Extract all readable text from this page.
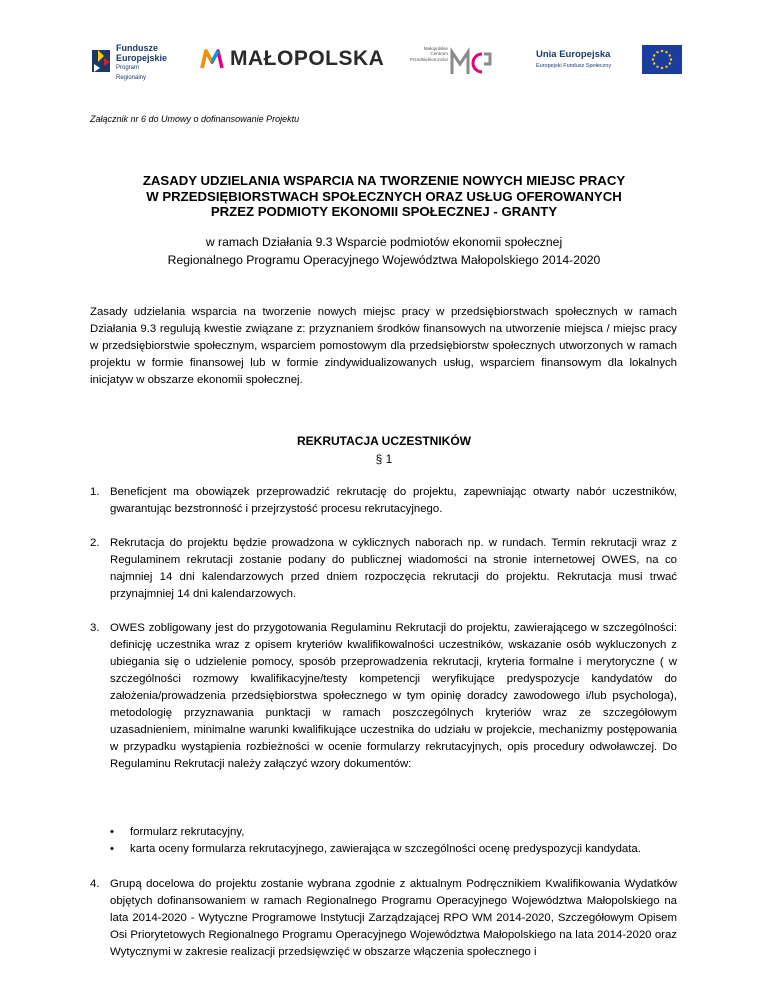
Fundusze
Europejskie
Program Regionalny
MAŁOPOLSKA	Małopolskie
Centrum
Przedsiębiorczości	Unia Europejska
Europejski Fundusz Społeczny
Załącznik nr 6 do Umowy o dofinansowanie Projektu
ZASADY UDZIELANIA WSPARCIA NA TWORZENIE NOWYCH MIEJSC PRACY
W PRZEDSIĘBIORSTWACH SPOŁECZNYCH ORAZ USŁUG OFEROWANYCH
PRZEZ PODMIOTY EKONOMII SPOŁECZNEJ - GRANTY
w ramach Działania 9.3 Wsparcie podmiotów ekonomii społecznej
Regionalnego Programu Operacyjnego Województwa Małopolskiego 2014-2020

Zasady udzielania wsparcia na tworzenie nowych miejsc pracy w przedsiębiorstwach społecznych w ramach Działania 9.3 regulują kwestie związane z: przyznaniem środków finansowych na utworzenie miejsca / miejsc pracy w przedsiębiorstwie społecznym, wsparciem pomostowym dla przedsiębiorstw społecznych utworzonych w ramach projektu w formie finansowej lub w formie zindywidualizowanych usług, wsparciem finansowym dla lokalnych inicjatyw w obszarze ekonomii społecznej.

REKRUTACJA UCZESTNIKÓW
§ 1
1. Beneficjent ma obowiązek przeprowadzić rekrutację do projektu, zapewniając otwarty nabór uczestników, gwarantując bezstronność i przejrzystość procesu rekrutacyjnego.
2. Rekrutacja do projektu będzie prowadzona w cyklicznych naborach np. w rundach. Termin rekrutacji wraz z Regulaminem rekrutacji zostanie podany do publicznej wiadomości na stronie internetowej OWES, na co najmniej 14 dni kalendarzowych przed dniem rozpoczęcia rekrutacji do projektu. Rekrutacja musi trwać przynajmniej 14 dni kalendarzowych.
3. OWES zobligowany jest do przygotowania Regulaminu Rekrutacji do projektu, zawierającego w szczególności: definicję uczestnika wraz z opisem kryteriów kwalifikowalności uczestników, wskazanie osób wykluczonych z ubiegania się o udzielenie pomocy, sposób przeprowadzenia rekrutacji, kryteria formalne i merytoryczne ( w szczególności rozmowy kwalifikacyjne/testy kompetencji weryfikujące predyspozycje kandydatów do założenia/prowadzenia przedsiębiorstwa społecznego w tym opinię doradcy zawodowego i/lub psychologa), metodologię przyznawania punktacji w ramach poszczególnych kryteriów wraz ze szczegółowym uzasadnieniem, minimalne warunki kwalifikujące uczestnika do udziału w projekcie, mechanizmy postępowania w przypadku wystąpienia rozbieżności w ocenie formularzy rekrutacyjnych, opis procedury odwoławczej. Do Regulaminu Rekrutacji należy załączyć wzory dokumentów:
• formularz rekrutacyjny,
• karta oceny formularza rekrutacyjnego, zawierająca w szczególności ocenę predyspozycji kandydata.
4. Grupą docelowa do projektu zostanie wybrana zgodnie z aktualnym Podręcznikiem Kwalifikowania Wydatków objętych dofinansowaniem w ramach Regionalnego Programu Operacyjnego Województwa Małopolskiego na lata 2014-2020 - Wytyczne Programowe Instytucji Zarządzającej RPO WM 2014-2020, Szczegółowym Opisem Osi Priorytetowych Regionalnego Programu Operacyjnego Województwa Małopolskiego na lata 2014-2020 oraz Wytycznymi w zakresie realizacji przedsięwzięć w obszarze włączenia społecznego i
